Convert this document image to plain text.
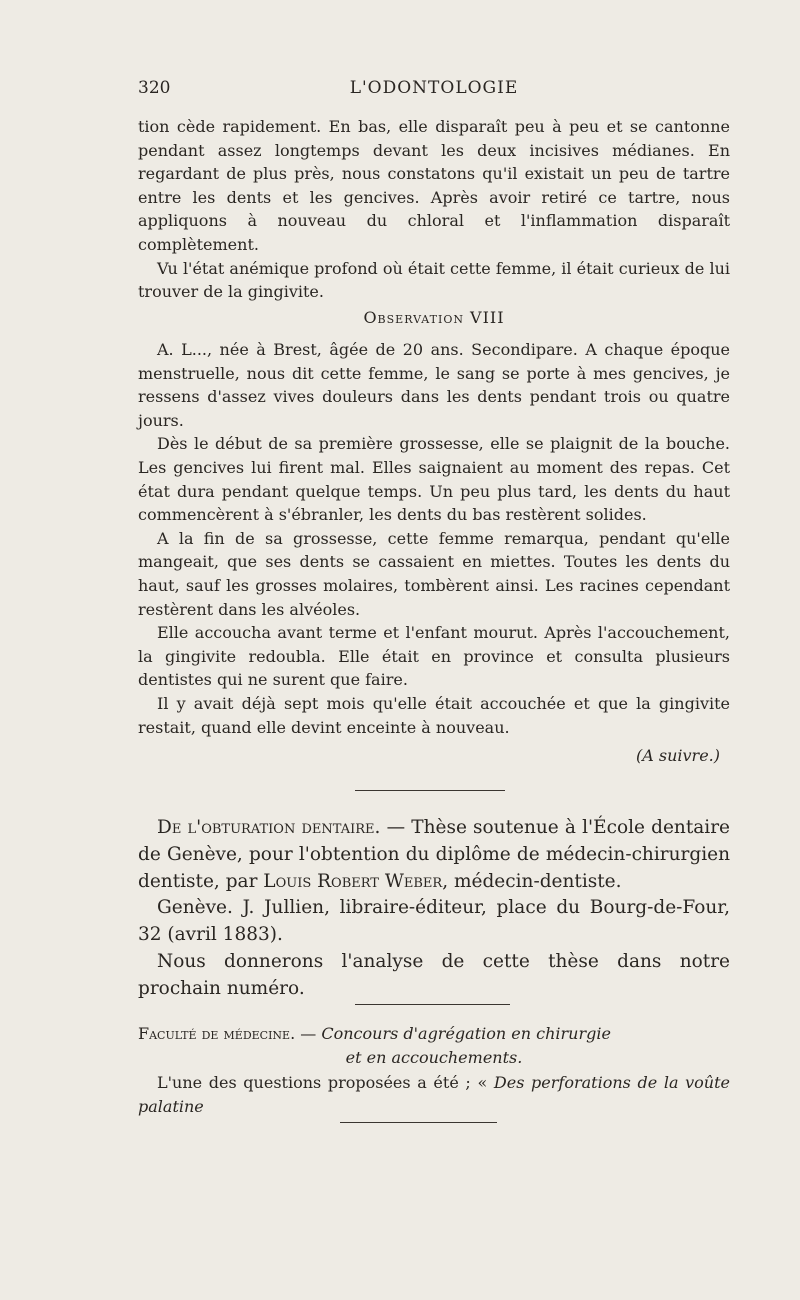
320	L'ODONTOLOGIE

tion cède rapidement. En bas, elle disparaît peu à peu et se cantonne pendant assez longtemps devant les deux incisives médianes. En regardant de plus près, nous constatons qu'il existait un peu de tartre entre les dents et les gencives. Après avoir retiré ce tartre, nous appliquons à nouveau du chloral et l'inflammation disparaît complètement.

Vu l'état anémique profond où était cette femme, il était curieux de lui trouver de la gingivite.

Observation VIII

A. L..., née à Brest, âgée de 20 ans. Secondipare. A chaque époque menstruelle, nous dit cette femme, le sang se porte à mes gencives, je ressens d'assez vives douleurs dans les dents pendant trois ou quatre jours.

Dès le début de sa première grossesse, elle se plaignit de la bouche. Les gencives lui firent mal. Elles saignaient au moment des repas. Cet état dura pendant quelque temps. Un peu plus tard, les dents du haut commencèrent à s'ébranler, les dents du bas restèrent solides.

A la fin de sa grossesse, cette femme remarqua, pendant qu'elle mangeait, que ses dents se cassaient en miettes. Toutes les dents du haut, sauf les grosses molaires, tombèrent ainsi. Les racines cependant restèrent dans les alvéoles.

Elle accoucha avant terme et l'enfant mourut. Après l'accouchement, la gingivite redoubla. Elle était en province et consulta plusieurs dentistes qui ne surent que faire.

Il y avait déjà sept mois qu'elle était accouchée et que la gingivite restait, quand elle devint enceinte à nouveau.

(A suivre.)

De l'obturation dentaire. — Thèse soutenue à l'École dentaire de Genève, pour l'obtention du diplôme de médecin-chirurgien dentiste, par Louis Robert Weber, médecin-dentiste.

Genève. J. Jullien, libraire-éditeur, place du Bourg-de-Four, 32 (avril 1883).

Nous donnerons l'analyse de cette thèse dans notre prochain numéro.

Faculté de médecine. — Concours d'agrégation en chirurgie

et en accouchements.

L'une des questions proposées a été ; « Des perforations de la voûte palatine
